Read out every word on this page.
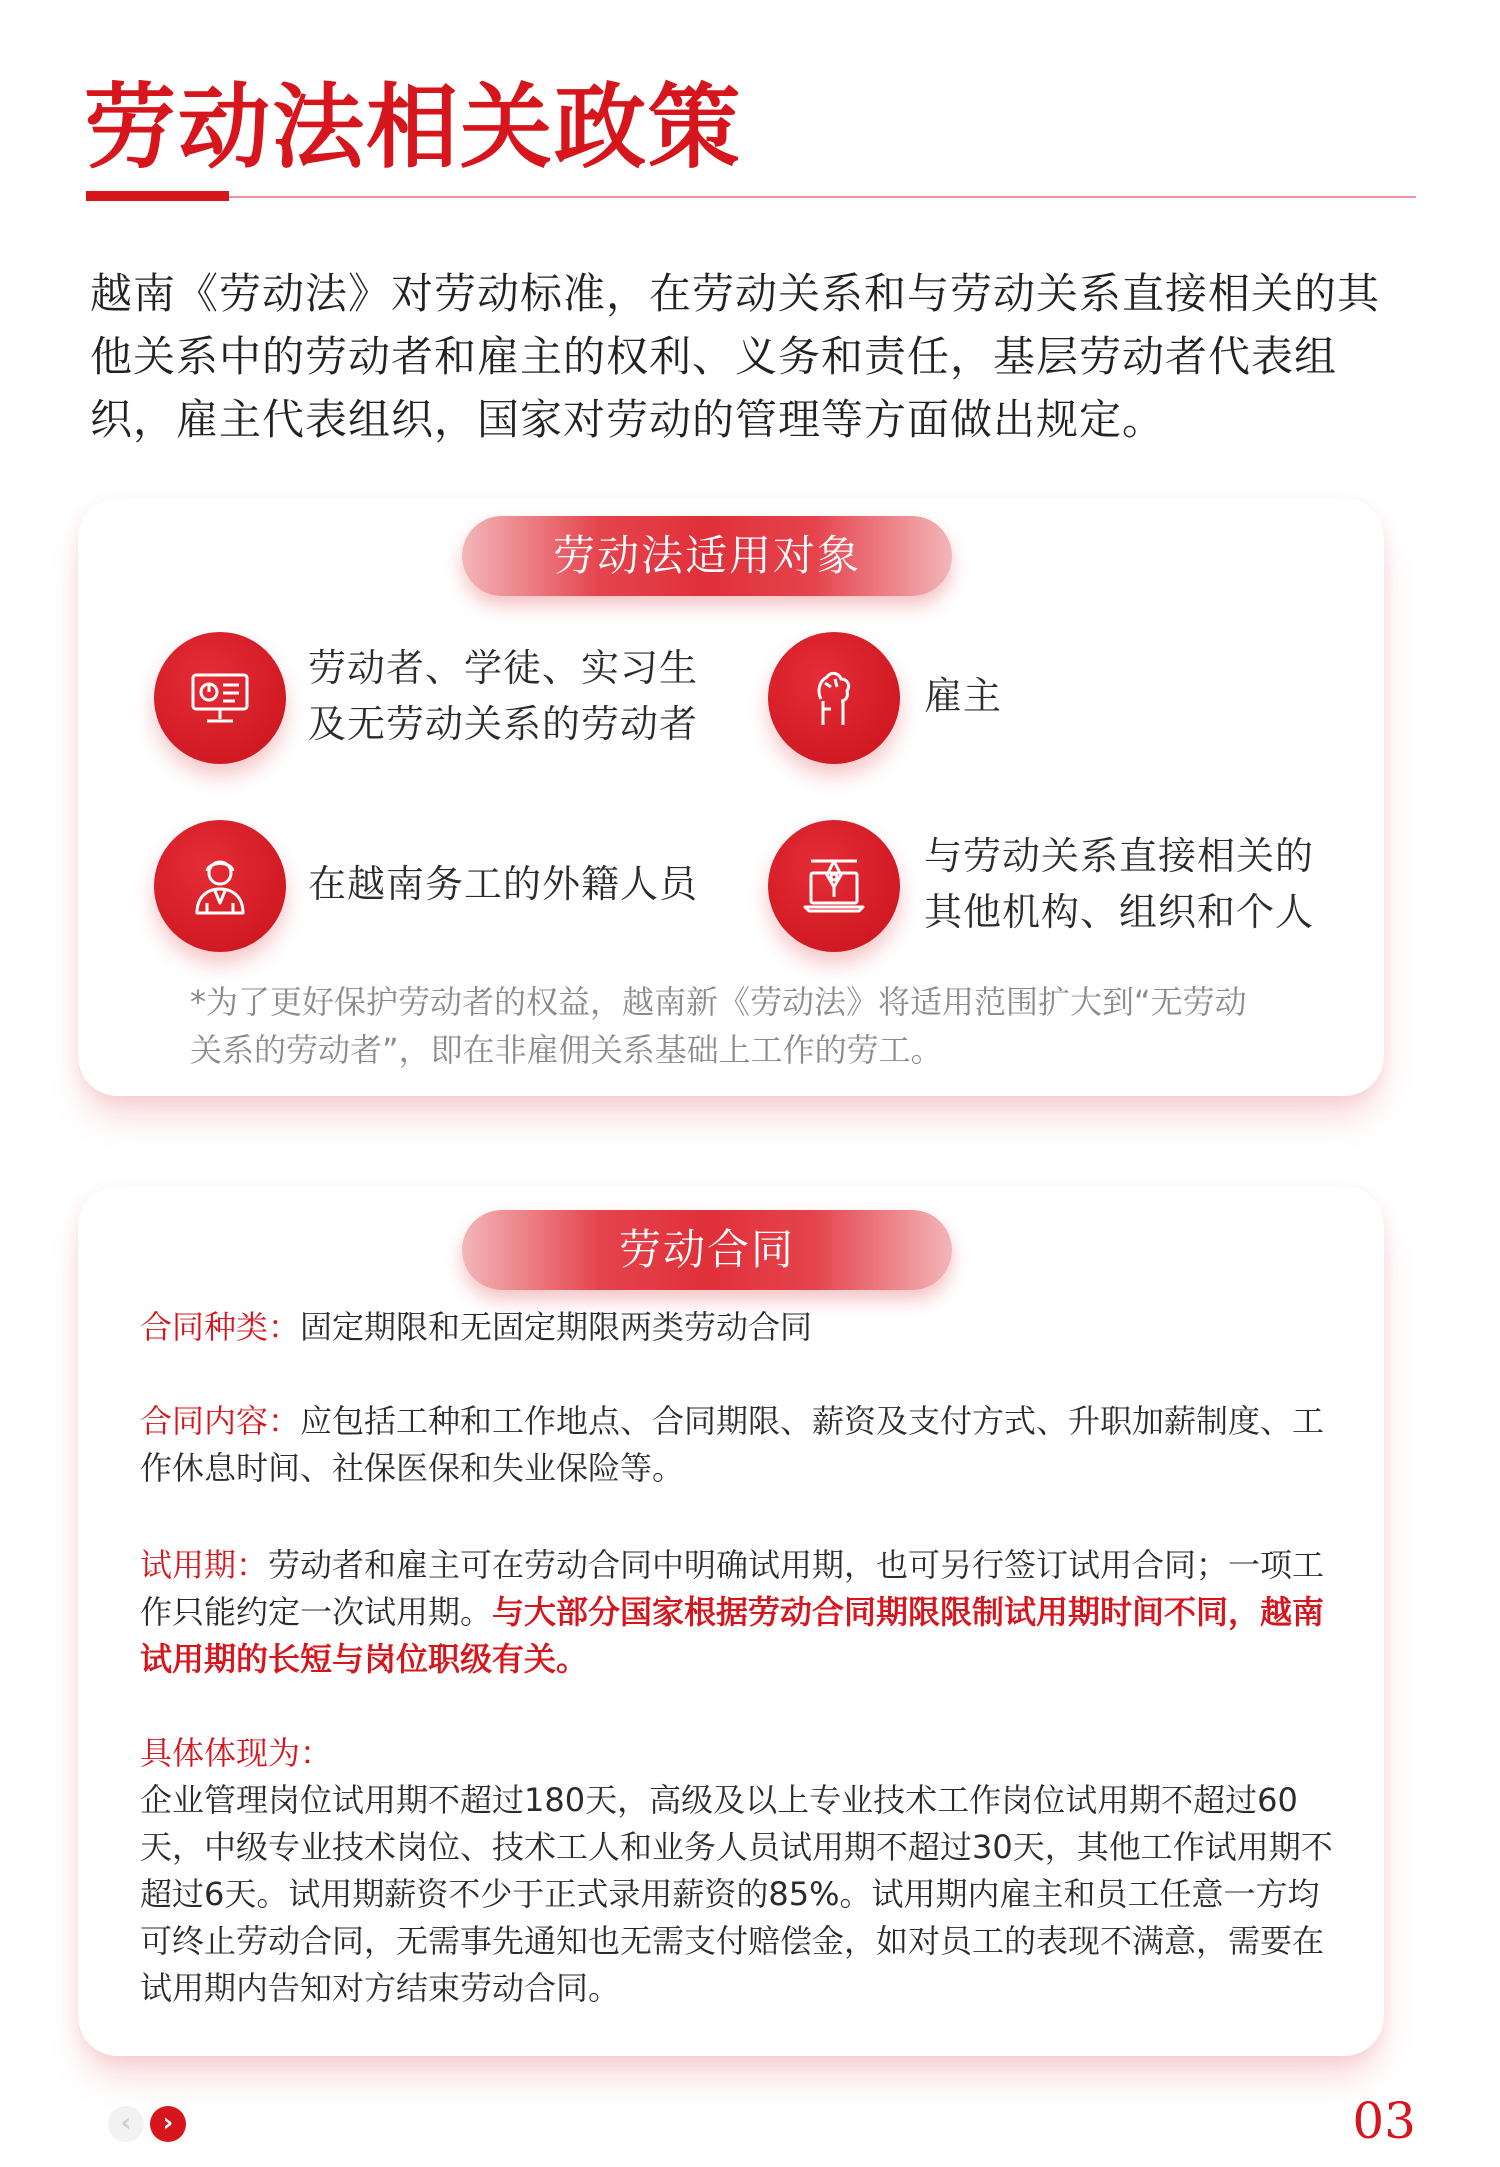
劳动法相关政策

越南《劳动法》对劳动标准，在劳动关系和与劳动关系直接相关的其他关系中的劳动者和雇主的权利、义务和责任，基层劳动者代表组织，雇主代表组织，国家对劳动的管理等方面做出规定。

劳动法适用对象
劳动者、学徒、实习生
及无劳动关系的劳动者
雇主
在越南务工的外籍人员
与劳动关系直接相关的
其他机构、组织和个人
*为了更好保护劳动者的权益，越南新《劳动法》将适用范围扩大到“无劳动
关系的劳动者”，即在非雇佣关系基础上工作的劳工。
劳动合同
合同种类：固定期限和无固定期限两类劳动合同
合同内容：应包括工种和工作地点、合同期限、薪资及支付方式、升职加薪制度、工作休息时间、社保医保和失业保险等。
试用期：劳动者和雇主可在劳动合同中明确试用期，也可另行签订试用合同；一项工作只能约定一次试用期。与大部分国家根据劳动合同期限限制试用期时间不同，越南试用期的长短与岗位职级有关。
具体体现为：
企业管理岗位试用期不超过180天，高级及以上专业技术工作岗位试用期不超过60天，中级专业技术岗位、技术工人和业务人员试用期不超过30天，其他工作试用期不超过6天。试用期薪资不少于正式录用薪资的85%。试用期内雇主和员工任意一方均可终止劳动合同，无需事先通知也无需支付赔偿金，如对员工的表现不满意，需要在试用期内告知对方结束劳动合同。
‹	›	03
